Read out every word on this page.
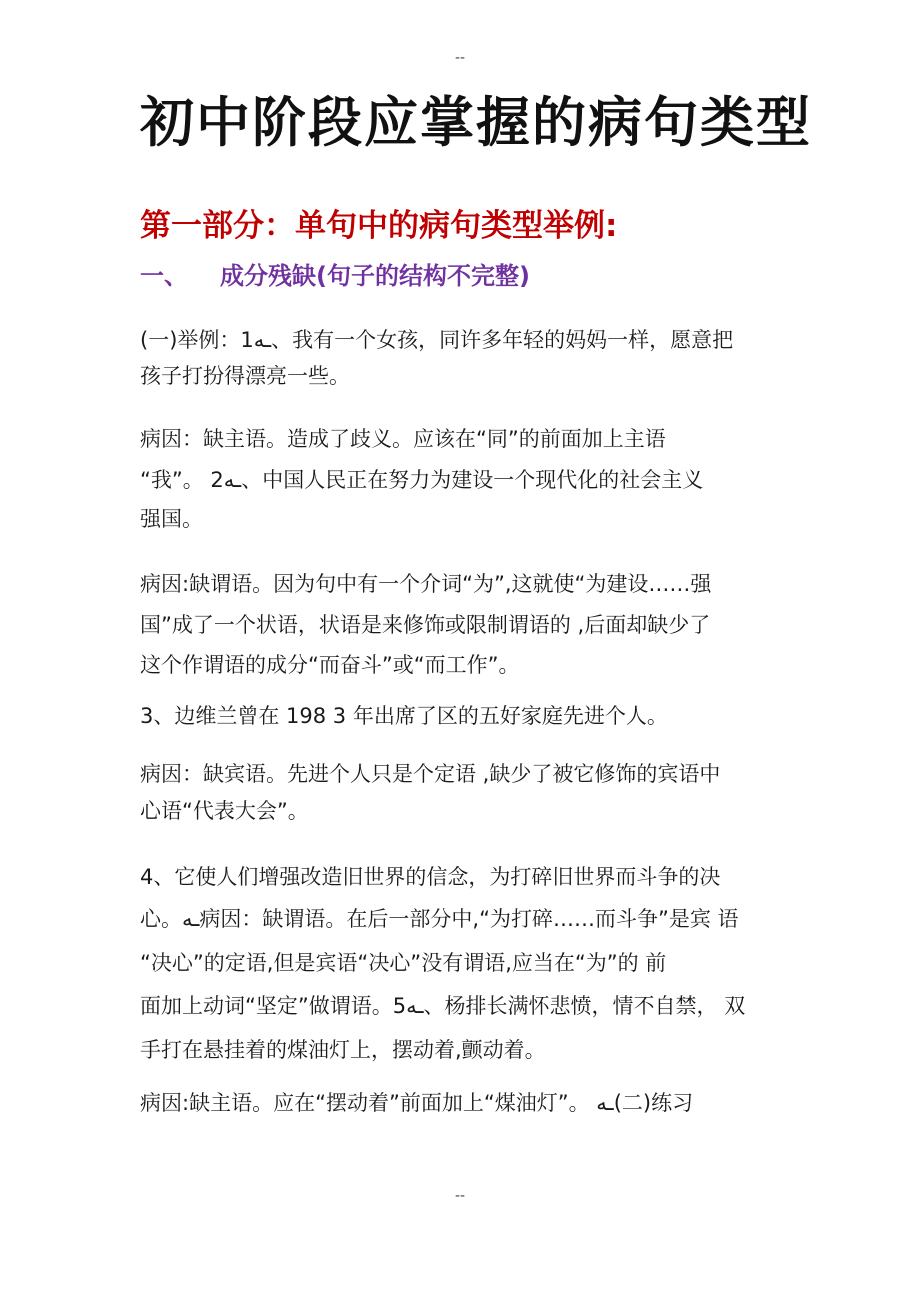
--
初中阶段应掌握的病句类型
第一部分：单句中的病句类型举例:
一、 成分残缺(句子的结构不完整)

(一)举例：1ـه、我有一个女孩，同许多年轻的妈妈一样，愿意把

孩子打扮得漂亮一些。

病因：缺主语。造成了歧义。应该在“同”的前面加上主语

“我”。 2ـه、中国人民正在努力为建设一个现代化的社会主义

强国。

病因:缺谓语。因为句中有一个介词“为”,这就使“为建设……强

国”成了一个状语，状语是来修饰或限制谓语的 ,后面却缺少了

这个作谓语的成分“而奋斗”或“而工作”。

3、边维兰曾在 198 3 年出席了区的五好家庭先进个人。

病因：缺宾语。先进个人只是个定语 ,缺少了被它修饰的宾语中

心语“代表大会”。

4、它使人们增强改造旧世界的信念，为打碎旧世界而斗争的决

心。ـه病因：缺谓语。在后一部分中,“为打碎……而斗争”是宾 语

“决心”的定语,但是宾语“决心”没有谓语,应当在“为”的 前

面加上动词“坚定”做谓语。5ـه、杨排长满怀悲愤，情不自禁， 双

手打在悬挂着的煤油灯上，摆动着,颤动着。

病因:缺主语。应在“摆动着”前面加上“煤油灯”。 ـه(二)练习

--
